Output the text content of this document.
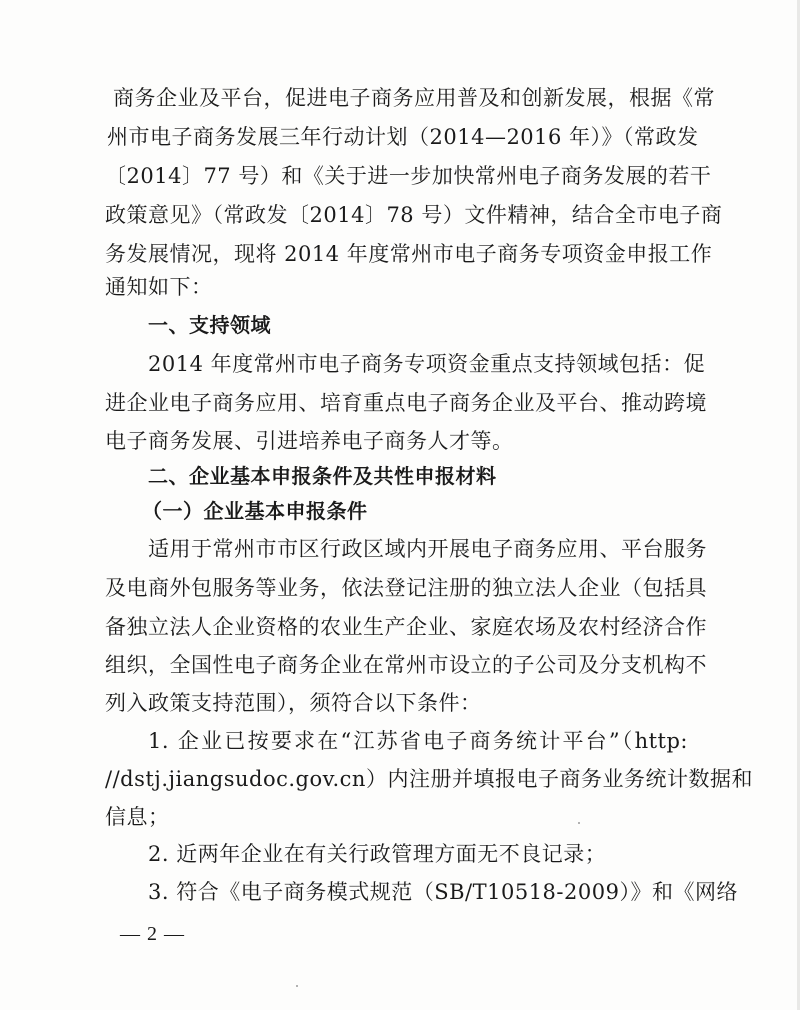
商务企业及平台，促进电子商务应用普及和创新发展，根据《常
州市电子商务发展三年行动计划（2014—2016 年）》（常政发
〔2014〕77 号）和《关于进一步加快常州电子商务发展的若干
政策意见》（常政发〔2014〕78 号）文件精神，结合全市电子商
务发展情况，现将 2014 年度常州市电子商务专项资金申报工作
通知如下：
一、支持领域
2014 年度常州市电子商务专项资金重点支持领域包括：促
进企业电子商务应用、培育重点电子商务企业及平台、推动跨境
电子商务发展、引进培养电子商务人才等。
二、企业基本申报条件及共性申报材料
（一）企业基本申报条件
适用于常州市市区行政区域内开展电子商务应用、平台服务
及电商外包服务等业务，依法登记注册的独立法人企业（包括具
备独立法人企业资格的农业生产企业、家庭农场及农村经济合作
组织，全国性电子商务企业在常州市设立的子公司及分支机构不
列入政策支持范围），须符合以下条件：
1. 企业已按要求在“江苏省电子商务统计平台”（http:
//dstj.jiangsudoc.gov.cn）内注册并填报电子商务业务统计数据和
信息；
2. 近两年企业在有关行政管理方面无不良记录；
3. 符合《电子商务模式规范（SB/T10518-2009）》和《网络
— 2 —
